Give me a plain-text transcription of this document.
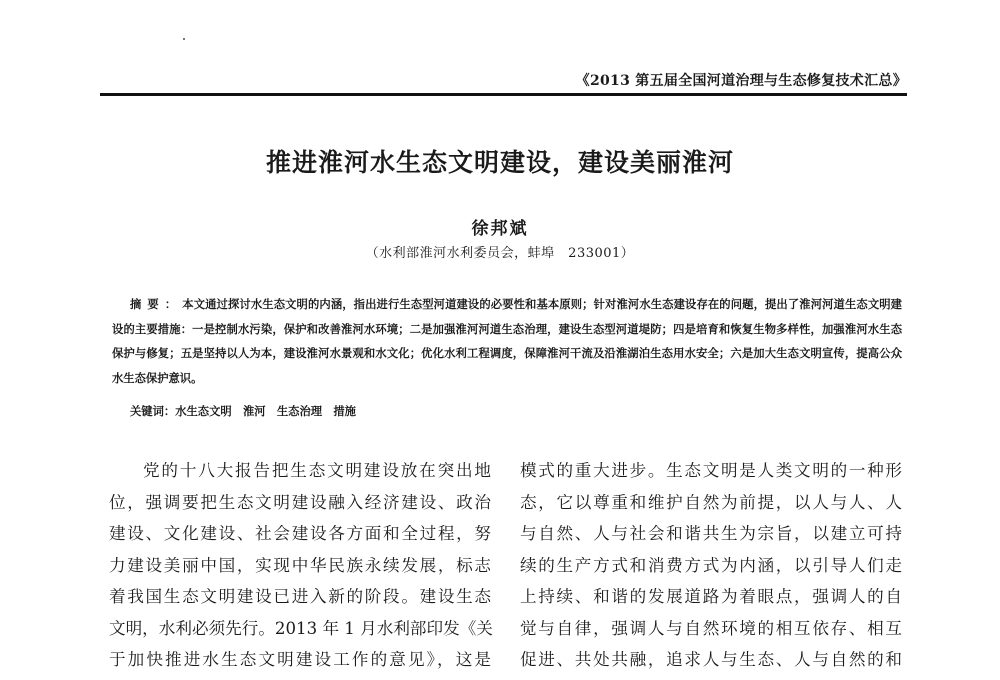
《2013 第五届全国河道治理与生态修复技术汇总》
推进淮河水生态文明建设，建设美丽淮河
徐邦斌
（水利部淮河水利委员会，蚌埠　233001）
摘要：本文通过探讨水生态文明的内涵，指出进行生态型河道建设的必要性和基本原则；针对淮河水生态建设存在的问题，提出了淮河河道生态文明建设的主要措施：一是控制水污染，保护和改善淮河水环境；二是加强淮河河道生态治理，建设生态型河道堤防；四是培育和恢复生物多样性，加强淮河水生态保护与修复；五是坚持以人为本，建设淮河水景观和水文化；优化水利工程调度，保障淮河干流及沿淮湖泊生态用水安全；六是加大生态文明宣传，提高公众水生态保护意识。
关键词：水生态文明　淮河　生态治理　措施
党的十八大报告把生态文明建设放在突出地
位，强调要把生态文明建设融入经济建设、政治
建设、文化建设、社会建设各方面和全过程，努
力建设美丽中国，实现中华民族永续发展，标志
着我国生态文明建设已进入新的阶段。建设生态
文明，水利必须先行。2013 年 1 月水利部印发《关
于加快推进水生态文明建设工作的意见》，这是
模式的重大进步。生态文明是人类文明的一种形
态，它以尊重和维护自然为前提，以人与人、人
与自然、人与社会和谐共生为宗旨，以建立可持
续的生产方式和消费方式为内涵，以引导人们走
上持续、和谐的发展道路为着眼点，强调人的自
觉与自律，强调人与自然环境的相互依存、相互
促进、共处共融，追求人与生态、人与自然的和
